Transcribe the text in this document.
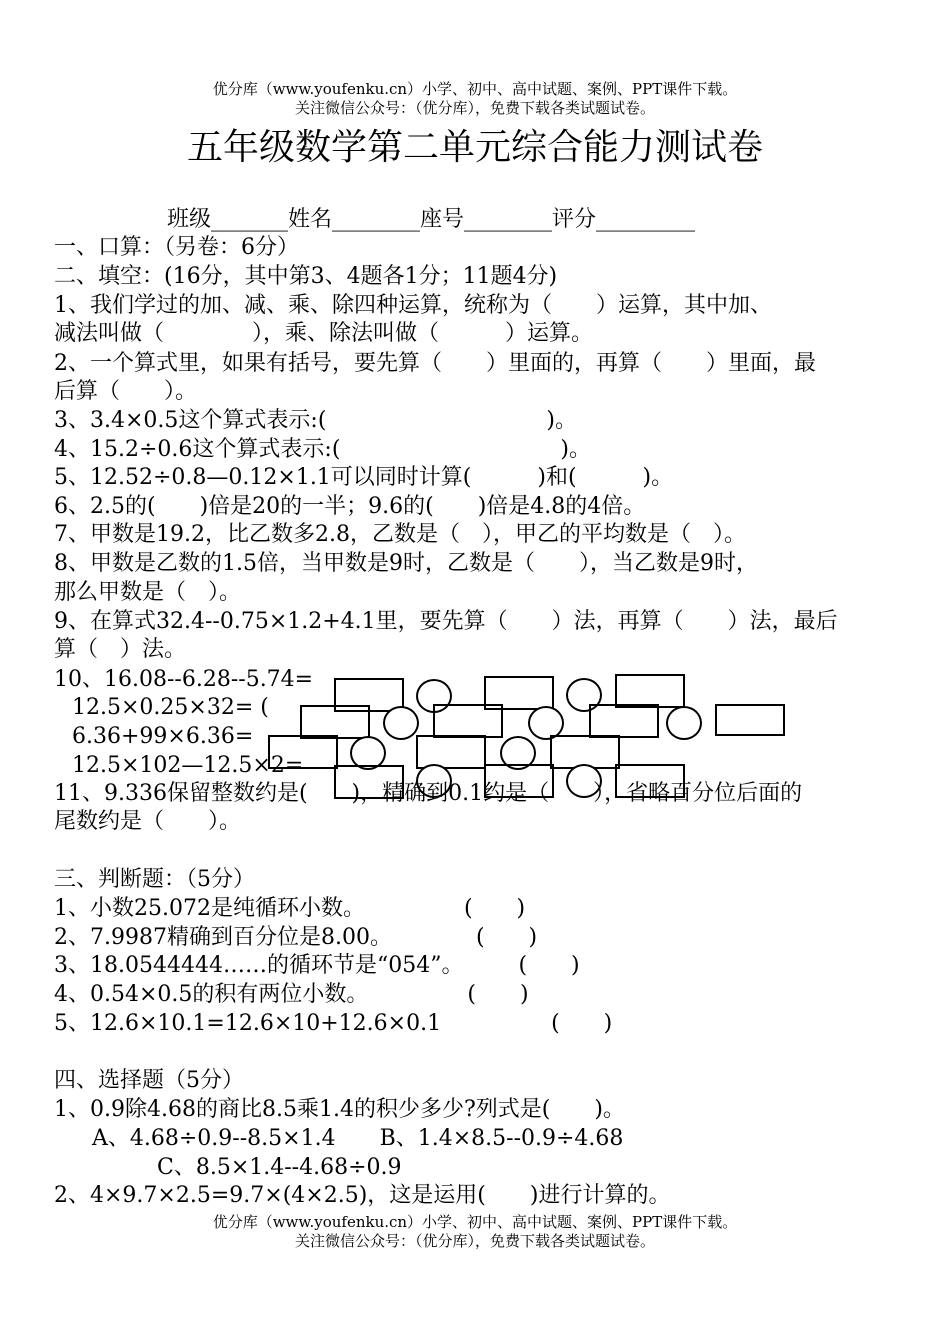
优分库（www.youfenku.cn）小学、初中、高中试题、案例、PPT课件下载。
关注微信公众号：（优分库），免费下载各类试题试卷。
五年级数学第二单元综合能力测试卷
班级_______姓名________座号________评分_________
一、口算：（另卷：6分）
二、填空：(16分，其中第3、4题各1分；11题4分)
1、我们学过的加、减、乘、除四种运算，统称为（　　）运算，其中加、
减法叫做（　　　　），乘、除法叫做（　　　）运算。
2、一个算式里，如果有括号，要先算（　　）里面的，再算（　　）里面，最
后算（　　）。
3、3.4×0.5这个算式表示:(　　　　　　　　　　)。
4、15.2÷0.6这个算式表示:(　　　　　　　　　　)。
5、12.52÷0.8—0.12×1.1可以同时计算(　　　)和(　　　)。
6、2.5的(　　)倍是20的一半；9.6的(　　)倍是4.8的4倍。
7、甲数是19.2，比乙数多2.8，乙数是（　），甲乙的平均数是（　）。
8、甲数是乙数的1.5倍，当甲数是9时，乙数是（　　），当乙数是9时，
那么甲数是（　）。
9、在算式32.4--0.75×1.2+4.1里，要先算（　　）法，再算（　　）法，最后
算（　）法。
10、16.08--6.28--5.74=
12.5×0.25×32= (
6.36+99×6.36=
12.5×102—12.5×2=
11、9.336保留整数约是(　　)，精确到0.1约是（　　），省略百分位后面的
尾数约是（　　）。
三、判断题：（5分）
1、小数25.072是纯循环小数。　　　　　(　　)
2、7.9987精确到百分位是8.00。　　　　 (　　)
3、18.0544444……的循环节是“054”。　　　(　　)
4、0.54×0.5的积有两位小数。　　　　　(　　)
5、12.6×10.1=12.6×10+12.6×0.1　　　　　(　　)
四、选择题（5分）
1、0.9除4.68的商比8.5乘1.4的积少多少?列式是(　　)。
A、4.68÷0.9--8.5×1.4　　B、1.4×8.5--0.9÷4.68
C、8.5×1.4--4.68÷0.9
2、4×9.7×2.5=9.7×(4×2.5)，这是运用(　　)进行计算的。
优分库（www.youfenku.cn）小学、初中、高中试题、案例、PPT课件下载。
关注微信公众号：（优分库），免费下载各类试题试卷。
